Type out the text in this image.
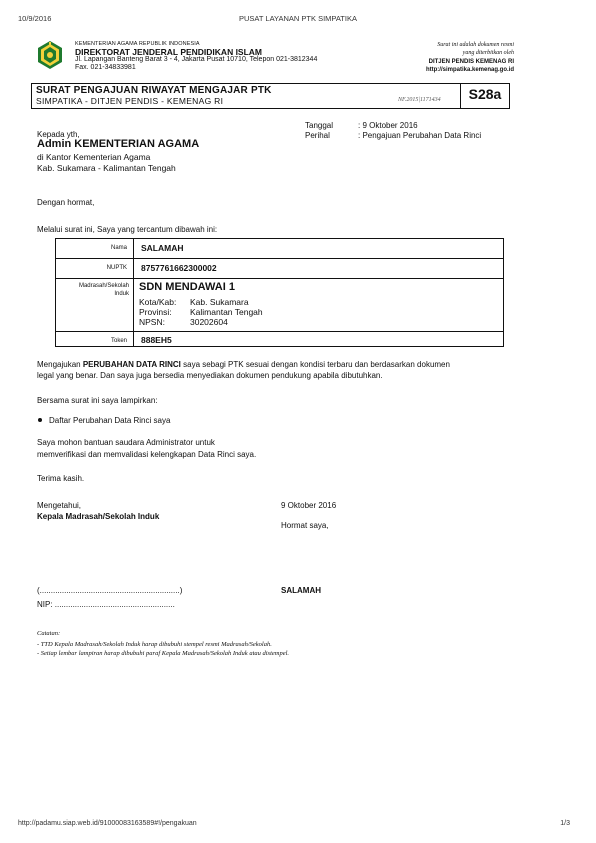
10/9/2016	PUSAT LAYANAN PTK SIMPATIKA
http://padamu.siap.web.id/91000083163589#!/pengakuan	1/3
KEMENTERIAN AGAMA REPUBLIK INDONESIA
DIREKTORAT JENDERAL PENDIDIKAN ISLAM
Jl. Lapangan Banteng Barat 3 - 4, Jakarta Pusat 10710, Telepon 021-3812344
Fax. 021-34833981
Surat ini adalah dokumen resmi
yang diterbitkan oleh
DITJEN PENDIS KEMENAG RI
http://simpatika.kemenag.go.id
SURAT PENGAJUAN RIWAYAT MENGAJAR PTK
SIMPATIKA - DITJEN PENDIS - KEMENAG RI	NF.2015|1171434	S28a
Tanggal	: 9 Oktober 2016
Perihal	: Pengajuan Perubahan Data Rinci
Kepada yth,
Admin KEMENTERIAN AGAMA
di Kantor Kementerian Agama
Kab. Sukamara - Kalimantan Tengah
Dengan hormat,
Melalui surat ini, Saya yang tercantum dibawah ini:
Nama SALAMAH
NUPTK 8757761662300002
Madrasah/Sekolah
Induk
SDN MENDAWAI 1
Kota/Kab: Kab. Sukamara
Provinsi: Kalimantan Tengah
NPSN:	30202604
Token 888EH5
Mengajukan PERUBAHAN DATA RINCI saya sebagi PTK sesuai dengan kondisi terbaru dan berdasarkan dokumen
legal yang benar. Dan saya juga bersedia menyediakan dokumen pendukung apabila dibutuhkan.
Bersama surat ini saya lampirkan:
Daftar Perubahan Data Rinci saya
Saya mohon bantuan saudara Administrator untuk
memverifikasi dan memvalidasi kelengkapan Data Rinci saya.
Terima kasih.
Mengetahui,
Kepala Madrasah/Sekolah Induk
9 Oktober 2016
Hormat saya,
(...............................................................)	SALAMAH
NIP: ......................................................
Catatan:
- TTD Kepala Madrasah/Sekolah Induk harap dibubuhi stempel resmi Madrasah/Sekolah.
- Setiap lembar lampiran harap dibubuhi paraf Kepala Madrasah/Sekolah Induk atau distempel.
